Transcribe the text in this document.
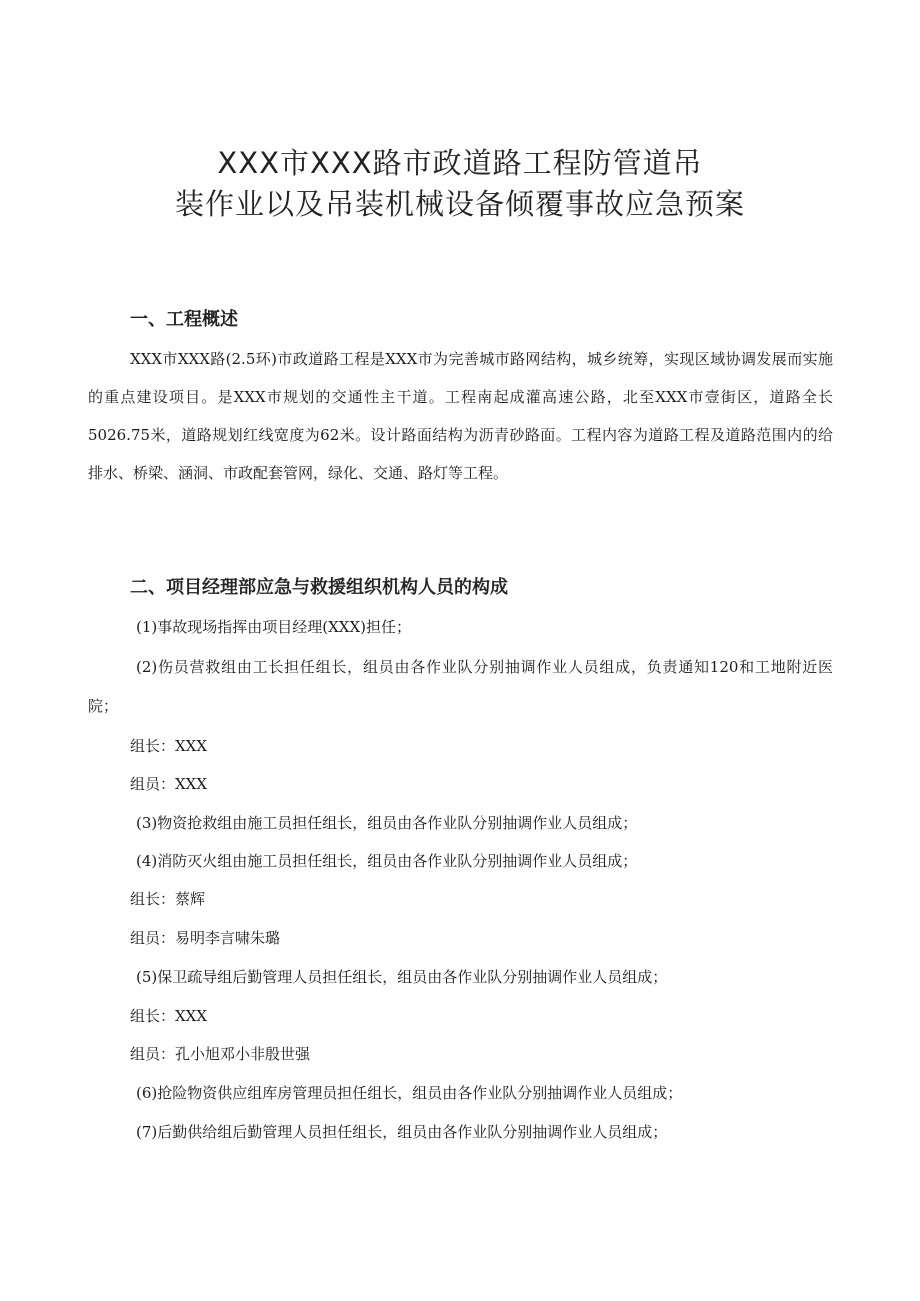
XXX市XXX路市政道路工程防管道吊
装作业以及吊装机械设备倾覆事故应急预案
一、工程概述

XXX市XXX路(2.5环)市政道路工程是XXX市为完善城市路网结构，城乡统筹，实现区域协调发展而实施

的重点建设项目。是XXX市规划的交通性主干道。工程南起成灌高速公路，北至XXX市壹街区，道路全长

5026.75米，道路规划红线宽度为62米。设计路面结构为沥青砂路面。工程内容为道路工程及道路范围内的给

排水、桥梁、涵洞、市政配套管网，绿化、交通、路灯等工程。

二、项目经理部应急与救援组织机构人员的构成

(1)事故现场指挥由项目经理(XXX)担任；

(2)伤员营救组由工长担任组长，组员由各作业队分别抽调作业人员组成，负责通知120和工地附近医

院；

组长：XXX

组员：XXX

(3)物资抢救组由施工员担任组长，组员由各作业队分别抽调作业人员组成；

(4)消防灭火组由施工员担任组长，组员由各作业队分别抽调作业人员组成；

组长：蔡辉

组员：易明李言啸朱璐

(5)保卫疏导组后勤管理人员担任组长，组员由各作业队分别抽调作业人员组成；

组长：XXX

组员：孔小旭邓小非殷世强

(6)抢险物资供应组库房管理员担任组长，组员由各作业队分别抽调作业人员组成；

(7)后勤供给组后勤管理人员担任组长，组员由各作业队分别抽调作业人员组成；
